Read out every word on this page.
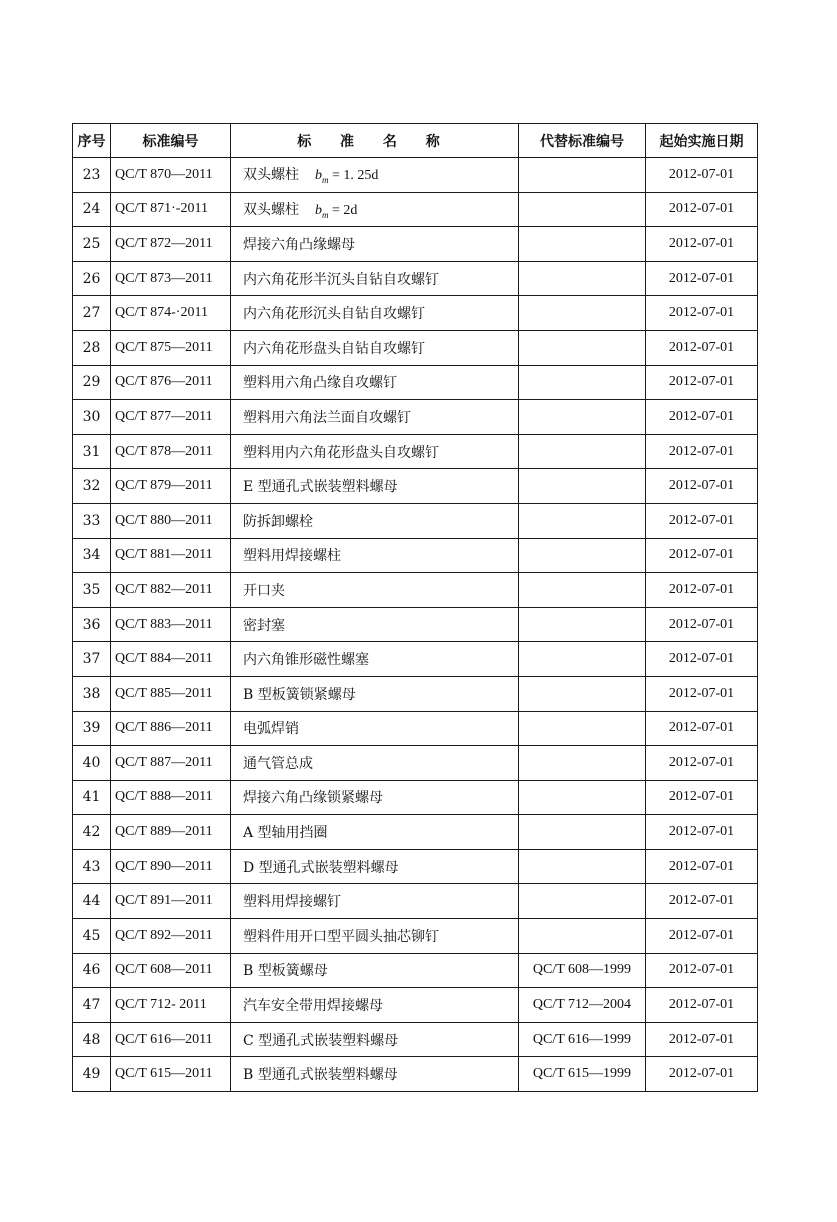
序号	标准编号	标 准 名 称	代替标准编号	起始实施日期
23	QC/T 870—2011	双头螺柱 $b_m = 1$. 25d		2012-07-01
24	QC/T 871·-2011	双头螺柱 $b_m = 2d$		2012-07-01
25	QC/T 872—2011	焊接六角凸缘螺母		2012-07-01
26	QC/T 873—2011	内六角花形半沉头自钻自攻螺钉		2012-07-01
27	QC/T 874-·2011	内六角花形沉头自钻自攻螺钉		2012-07-01
28	QC/T 875—2011	内六角花形盘头自钻自攻螺钉		2012-07-01
29	QC/T 876—2011	塑料用六角凸缘自攻螺钉		2012-07-01
30	QC/T 877—2011	塑料用六角法兰面自攻螺钉		2012-07-01
31	QC/T 878—2011	塑料用内六角花形盘头自攻螺钉		2012-07-01
32	QC/T 879—2011	E 型通孔式嵌装塑料螺母		2012-07-01
33	QC/T 880—2011	防拆卸螺栓		2012-07-01
34	QC/T 881—2011	塑料用焊接螺柱		2012-07-01
35	QC/T 882—2011	开口夹		2012-07-01
36	QC/T 883—2011	密封塞		2012-07-01
37	QC/T 884—2011	内六角锥形磁性螺塞		2012-07-01
38	QC/T 885—2011	B 型板簧锁紧螺母		2012-07-01
39	QC/T 886—2011	电弧焊销		2012-07-01
40	QC/T 887—2011	通气管总成		2012-07-01
41	QC/T 888—2011	焊接六角凸缘锁紧螺母		2012-07-01
42	QC/T 889—2011	A 型轴用挡圈		2012-07-01
43	QC/T 890—2011	D 型通孔式嵌装塑料螺母		2012-07-01
44	QC/T 891—2011	塑料用焊接螺钉		2012-07-01
45	QC/T 892—2011	塑料件用开口型平圆头抽芯铆钉		2012-07-01
46	QC/T 608—2011	B 型板簧螺母	QC/T 608—1999	2012-07-01
47	QC/T 712- 2011	汽车安全带用焊接螺母	QC/T 712—2004	2012-07-01
48	QC/T 616—2011	C 型通孔式嵌装塑料螺母	QC/T 616—1999	2012-07-01
49	QC/T 615—2011	B 型通孔式嵌装塑料螺母	QC/T 615—1999	2012-07-01
